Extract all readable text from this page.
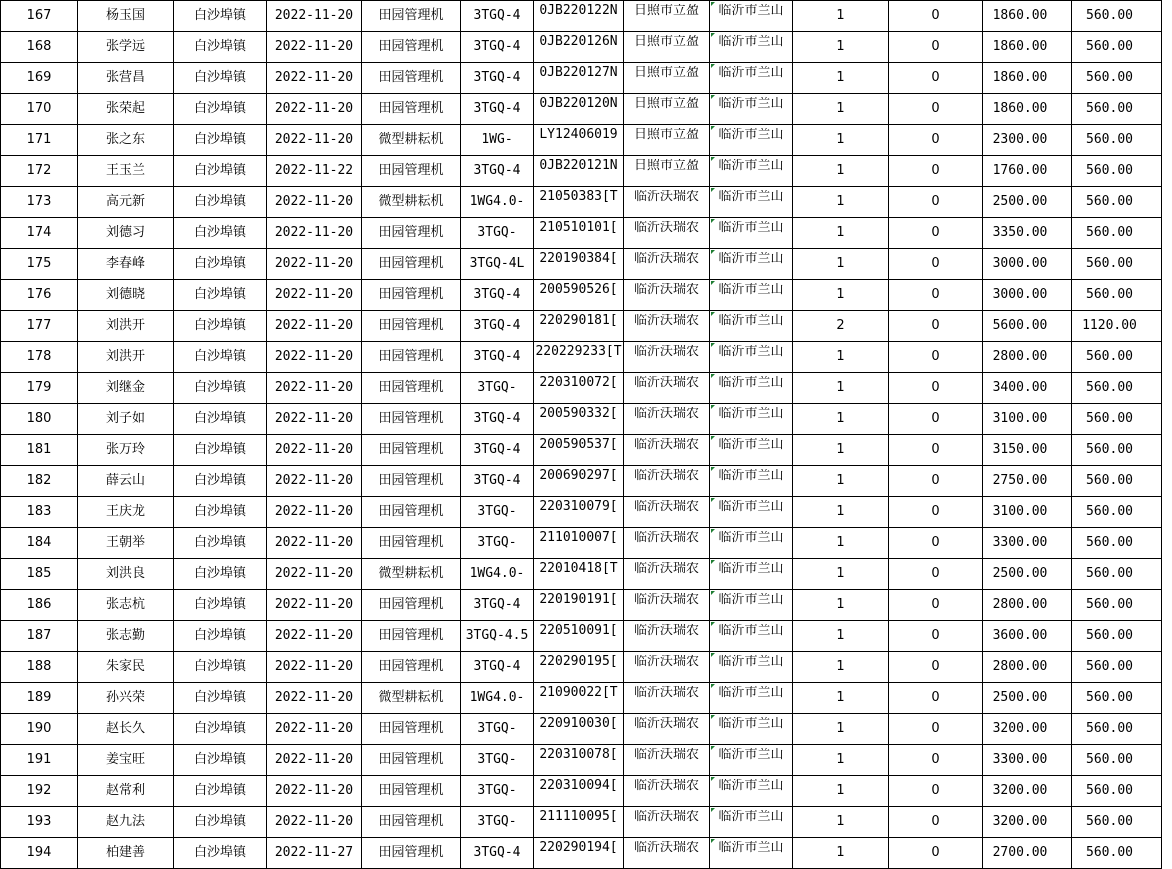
167	杨玉国	白沙埠镇	2022-11-20	田园管理机	3TGQ-4	0JB220122N	日照市立盈	临沂市兰山	1	0	1860.00	560.00
168	张学远	白沙埠镇	2022-11-20	田园管理机	3TGQ-4	0JB220126N	日照市立盈	临沂市兰山	1	0	1860.00	560.00
169	张营昌	白沙埠镇	2022-11-20	田园管理机	3TGQ-4	0JB220127N	日照市立盈	临沂市兰山	1	0	1860.00	560.00
170	张荣起	白沙埠镇	2022-11-20	田园管理机	3TGQ-4	0JB220120N	日照市立盈	临沂市兰山	1	0	1860.00	560.00
171	张之东	白沙埠镇	2022-11-20	微型耕耘机	1WG-	LY12406019	日照市立盈	临沂市兰山	1	0	2300.00	560.00
172	王玉兰	白沙埠镇	2022-11-22	田园管理机	3TGQ-4	0JB220121N	日照市立盈	临沂市兰山	1	0	1760.00	560.00
173	高元新	白沙埠镇	2022-11-20	微型耕耘机	1WG4.0-	21050383[T	临沂沃瑞农	临沂市兰山	1	0	2500.00	560.00
174	刘德习	白沙埠镇	2022-11-20	田园管理机	3TGQ-	210510101[	临沂沃瑞农	临沂市兰山	1	0	3350.00	560.00
175	李春峰	白沙埠镇	2022-11-20	田园管理机	3TGQ-4L	220190384[	临沂沃瑞农	临沂市兰山	1	0	3000.00	560.00
176	刘德晓	白沙埠镇	2022-11-20	田园管理机	3TGQ-4	200590526[	临沂沃瑞农	临沂市兰山	1	0	3000.00	560.00
177	刘洪开	白沙埠镇	2022-11-20	田园管理机	3TGQ-4	220290181[	临沂沃瑞农	临沂市兰山	2	0	5600.00	1120.00
178	刘洪开	白沙埠镇	2022-11-20	田园管理机	3TGQ-4	220229233[T	临沂沃瑞农	临沂市兰山	1	0	2800.00	560.00
179	刘继金	白沙埠镇	2022-11-20	田园管理机	3TGQ-	220310072[	临沂沃瑞农	临沂市兰山	1	0	3400.00	560.00
180	刘子如	白沙埠镇	2022-11-20	田园管理机	3TGQ-4	200590332[	临沂沃瑞农	临沂市兰山	1	0	3100.00	560.00
181	张万玲	白沙埠镇	2022-11-20	田园管理机	3TGQ-4	200590537[	临沂沃瑞农	临沂市兰山	1	0	3150.00	560.00
182	薛云山	白沙埠镇	2022-11-20	田园管理机	3TGQ-4	200690297[	临沂沃瑞农	临沂市兰山	1	0	2750.00	560.00
183	王庆龙	白沙埠镇	2022-11-20	田园管理机	3TGQ-	220310079[	临沂沃瑞农	临沂市兰山	1	0	3100.00	560.00
184	王朝举	白沙埠镇	2022-11-20	田园管理机	3TGQ-	211010007[	临沂沃瑞农	临沂市兰山	1	0	3300.00	560.00
185	刘洪良	白沙埠镇	2022-11-20	微型耕耘机	1WG4.0-	22010418[T	临沂沃瑞农	临沂市兰山	1	0	2500.00	560.00
186	张志杭	白沙埠镇	2022-11-20	田园管理机	3TGQ-4	220190191[	临沂沃瑞农	临沂市兰山	1	0	2800.00	560.00
187	张志勤	白沙埠镇	2022-11-20	田园管理机	3TGQ-4.5	220510091[	临沂沃瑞农	临沂市兰山	1	0	3600.00	560.00
188	朱家民	白沙埠镇	2022-11-20	田园管理机	3TGQ-4	220290195[	临沂沃瑞农	临沂市兰山	1	0	2800.00	560.00
189	孙兴荣	白沙埠镇	2022-11-20	微型耕耘机	1WG4.0-	21090022[T	临沂沃瑞农	临沂市兰山	1	0	2500.00	560.00
190	赵长久	白沙埠镇	2022-11-20	田园管理机	3TGQ-	220910030[	临沂沃瑞农	临沂市兰山	1	0	3200.00	560.00
191	姜宝旺	白沙埠镇	2022-11-20	田园管理机	3TGQ-	220310078[	临沂沃瑞农	临沂市兰山	1	0	3300.00	560.00
192	赵常利	白沙埠镇	2022-11-20	田园管理机	3TGQ-	220310094[	临沂沃瑞农	临沂市兰山	1	0	3200.00	560.00
193	赵九法	白沙埠镇	2022-11-20	田园管理机	3TGQ-	211110095[	临沂沃瑞农	临沂市兰山	1	0	3200.00	560.00
194	柏建善	白沙埠镇	2022-11-27	田园管理机	3TGQ-4	220290194[	临沂沃瑞农	临沂市兰山	1	0	2700.00	560.00
